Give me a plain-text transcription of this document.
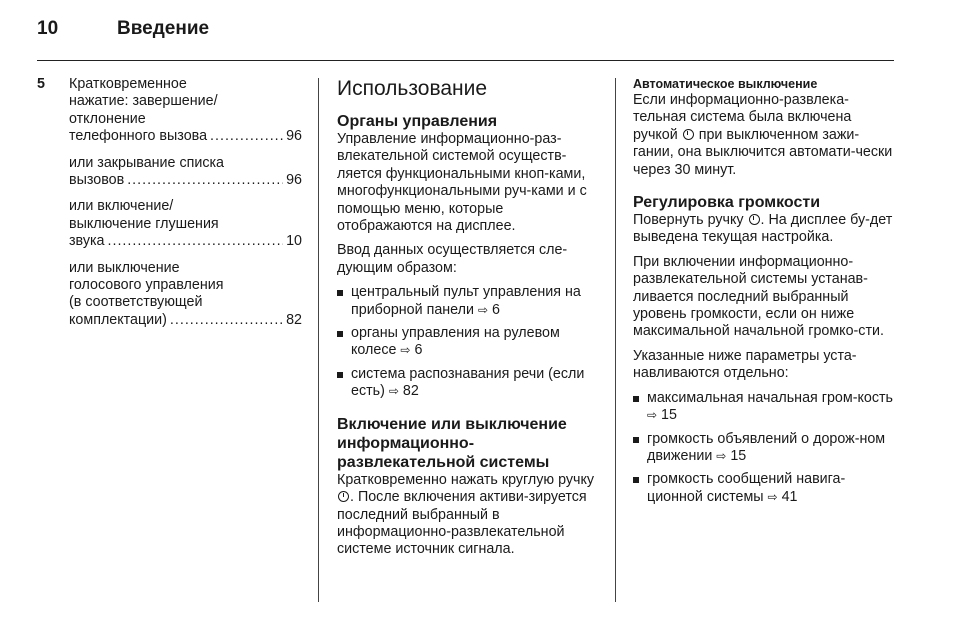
10	Введение
5 Кратковременное
нажатие: завершение/
отклонение
телефонного вызова .....	96
или закрывание списка
вызовов .....	96
или включение/
выключение глушения
звука .....	10
или выключение
голосового управления
(в соответствующей
комплектации) .....	82
Использование
Органы управления

Управление информационно-раз-влекательной системой осуществ-ляется функциональными кноп-ками, многофункциональными руч-ками и с помощью меню, которые отображаются на дисплее.

Ввод данных осуществляется сле-дующим образом:

центральный пульт управления на приборной панели ⇨ 6
органы управления на рулевом колесе ⇨ 6
система распознавания речи (если есть) ⇨ 82
Включение или выключение информационно-развлекательной системы

Кратковременно нажать круглую ручку . После включения активи-зируется последний выбранный в информационно-развлекательной системе источник сигнала.

Автоматическое выключение

Если информационно-развлека-тельная система была включена ручкой при выключенном зажи-гании, она выключится автомати-чески через 30 минут.

Регулировка громкости

Повернуть ручку . На дисплее бу-дет выведена текущая настройка.

При включении информационно-развлекательной системы устанав-ливается последний выбранный уровень громкости, если он ниже максимальной начальной громко-сти.

Указанные ниже параметры уста-навливаются отдельно:

максимальная начальная гром-кость ⇨ 15
громкость объявлений о дорож-ном движении ⇨ 15
громкость сообщений навига-ционной системы ⇨ 41
